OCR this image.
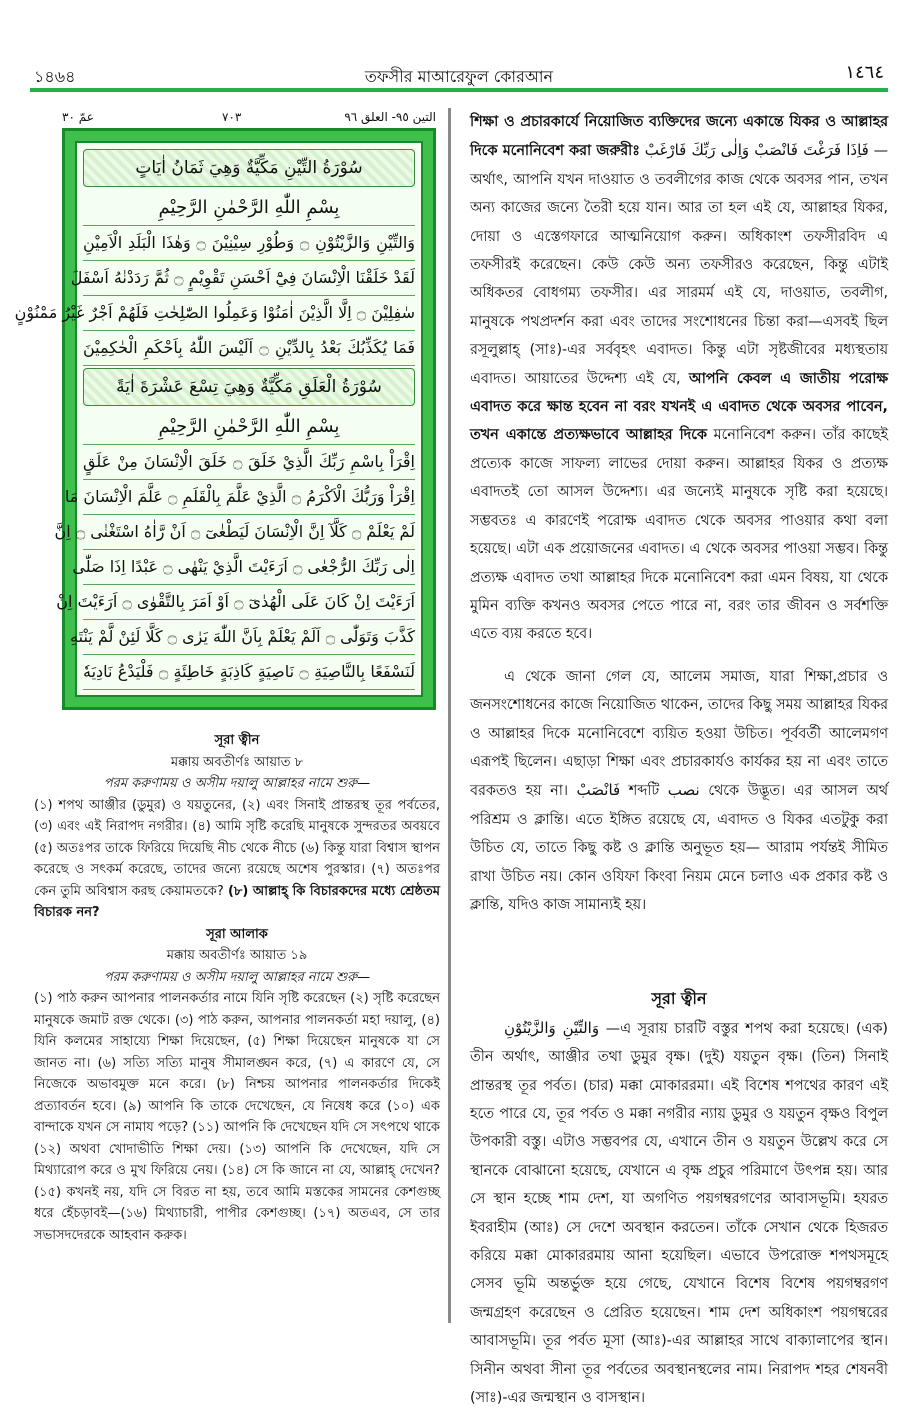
১৪৬৪	তফসীর মাআরেফুল কোরআন	١٤٦٤
التين ٩٥- العلق ٩٦
٧٠٣
عمّ ٣٠
سُوْرَةُ التِّيْنِ مَكِّيَّةٌ وَهِيَ ثَمَانُ اٰيَاتٍ
بِسْمِ اللّٰهِ الرَّحْمٰنِ الرَّحِيْمِ
وَالتِّيْنِ وَالزَّيْتُوْنِ ۝ وَطُوْرِ سِيْنِيْنَ ۝ وَهٰذَا الْبَلَدِ الْاَمِيْنِ
لَقَدْ خَلَقْنَا الْاِنْسَانَ فِيْٓ اَحْسَنِ تَقْوِيْمٍ ۝ ثُمَّ رَدَدْنٰهُ اَسْفَلَ
سٰفِلِيْنَ ۝ اِلَّا الَّذِيْنَ اٰمَنُوْا وَعَمِلُوا الصّٰلِحٰتِ فَلَهُمْ اَجْرٌ غَيْرُ مَمْنُوْنٍ
فَمَا يُكَذِّبُكَ بَعْدُ بِالدِّيْنِ ۝ اَلَيْسَ اللّٰهُ بِاَحْكَمِ الْحٰكِمِيْنَ
سُوْرَةُ الْعَلَقِ مَكِّيَّةٌ وَهِيَ تِسْعَ عَشْرَةَ اٰيَةً
بِسْمِ اللّٰهِ الرَّحْمٰنِ الرَّحِيْمِ
اِقْرَاْ بِاسْمِ رَبِّكَ الَّذِيْ خَلَقَ ۝ خَلَقَ الْاِنْسَانَ مِنْ عَلَقٍ
اِقْرَاْ وَرَبُّكَ الْاَكْرَمُ ۝ الَّذِيْ عَلَّمَ بِالْقَلَمِ ۝ عَلَّمَ الْاِنْسَانَ مَا
لَمْ يَعْلَمْ ۝ كَلَّآ اِنَّ الْاِنْسَانَ لَيَطْغٰىٓ ۝ اَنْ رَّاٰهُ اسْتَغْنٰى ۝ اِنَّ
اِلٰى رَبِّكَ الرُّجْعٰى ۝ اَرَءَيْتَ الَّذِيْ يَنْهٰى ۝ عَبْدًا اِذَا صَلّٰى
اَرَءَيْتَ اِنْ كَانَ عَلَى الْهُدٰىٓ ۝ اَوْ اَمَرَ بِالتَّقْوٰى ۝ اَرَءَيْتَ اِنْ
كَذَّبَ وَتَوَلّٰى ۝ اَلَمْ يَعْلَمْ بِاَنَّ اللّٰهَ يَرٰى ۝ كَلَّا لَئِنْ لَّمْ يَنْتَهِ
لَنَسْفَعًا بِالنَّاصِيَةِ ۝ نَاصِيَةٍ كَاذِبَةٍ خَاطِئَةٍ ۝ فَلْيَدْعُ نَادِيَهٗ
সূরা ত্বীন
মক্কায় অবতীর্ণঃ আয়াত ৮
পরম করুণাময় ও অসীম দয়ালু আল্লাহর নামে শুরু—

(১) শপথ আঞ্জীর (ডুমুর) ও যয়তুনের, (২) এবং সিনাই প্রান্তরস্থ তূর পর্বতের, (৩) এবং এই নিরাপদ নগরীর। (৪) আমি সৃষ্টি করেছি মানুষকে সুন্দরতর অবয়বে (৫) অতঃপর তাকে ফিরিয়ে দিয়েছি নীচ থেকে নীচে (৬) কিন্তু যারা বিশ্বাস স্থাপন করেছে ও সৎকর্ম করেছে, তাদের জন্যে রয়েছে অশেষ পুরস্কার। (৭) অতঃপর কেন তুমি অবিশ্বাস করছ কেয়ামতকে? (৮) আল্লাহ্ কি বিচারকদের মধ্যে শ্রেষ্ঠতম বিচারক নন?

সূরা আলাক
মক্কায় অবতীর্ণঃ আয়াত ১৯
পরম করুণাময় ও অসীম দয়ালু আল্লাহর নামে শুরু—

(১) পাঠ করুন আপনার পালনকর্তার নামে যিনি সৃষ্টি করেছেন (২) সৃষ্টি করেছেন মানুষকে জমাট রক্ত থেকে। (৩) পাঠ করুন, আপনার পালনকর্তা মহা দয়ালু, (৪) যিনি কলমের সাহায্যে শিক্ষা দিয়েছেন, (৫) শিক্ষা দিয়েছেন মানুষকে যা সে জানত না। (৬) সত্যি সত্যি মানুষ সীমালঙ্ঘন করে, (৭) এ কারণে যে, সে নিজেকে অভাবমুক্ত মনে করে। (৮) নিশ্চয় আপনার পালনকর্তার দিকেই প্রত্যাবর্তন হবে। (৯) আপনি কি তাকে দেখেছেন, যে নিষেধ করে (১০) এক বান্দাকে যখন সে নামায পড়ে? (১১) আপনি কি দেখেছেন যদি সে সৎপথে থাকে (১২) অথবা খোদাভীতি শিক্ষা দেয়। (১৩) আপনি কি দেখেছেন, যদি সে মিথ্যারোপ করে ও মুখ ফিরিয়ে নেয়। (১৪) সে কি জানে না যে, আল্লাহ্ দেখেন? (১৫) কখনই নয়, যদি সে বিরত না হয়, তবে আমি মস্তকের সামনের কেশগুচ্ছ ধরে হেঁচড়াবই—(১৬) মিথ্যাচারী, পাপীর কেশগুচ্ছ। (১৭) অতএব, সে তার সভাসদদেরকে আহবান করুক।

শিক্ষা ও প্রচারকার্যে নিয়োজিত ব্যক্তিদের জন্যে একান্তে যিকর ও আল্লাহর দিকে মনোনিবেশ করা জরুরীঃ فَاِذَا فَرَغْتَ فَانْصَبْ وَاِلٰى رَبِّكَ فَارْغَبْ —অর্থাৎ, আপনি যখন দাওয়াত ও তবলীগের কাজ থেকে অবসর পান, তখন অন্য কাজের জন্যে তৈরী হয়ে যান। আর তা হল এই যে, আল্লাহর যিকর, দোয়া ও এস্তেগফারে আত্মনিয়োগ করুন। অধিকাংশ তফসীরবিদ এ তফসীরই করেছেন। কেউ কেউ অন্য তফসীরও করেছেন, কিন্তু এটাই অধিকতর বোধগম্য তফসীর। এর সারমর্ম এই যে, দাওয়াত, তবলীগ, মানুষকে পথপ্রদর্শন করা এবং তাদের সংশোধনের চিন্তা করা—এসবই ছিল রসূলুল্লাহ্ (সাঃ)-এর সর্ববৃহৎ এবাদত। কিন্তু এটা সৃষ্টজীবের মধ্যস্থতায় এবাদত। আয়াতের উদ্দেশ্য এই যে, আপনি কেবল এ জাতীয় পরোক্ষ এবাদত করে ক্ষান্ত হবেন না বরং যখনই এ এবাদত থেকে অবসর পাবেন, তখন একান্তে প্রত্যক্ষভাবে আল্লাহর দিকে মনোনিবেশ করুন। তাঁর কাছেই প্রত্যেক কাজে সাফল্য লাভের দোয়া করুন। আল্লাহর যিকর ও প্রত্যক্ষ এবাদতই তো আসল উদ্দেশ্য। এর জন্যেই মানুষকে সৃষ্টি করা হয়েছে। সম্ভবতঃ এ কারণেই পরোক্ষ এবাদত থেকে অবসর পাওয়ার কথা বলা হয়েছে। এটা এক প্রয়োজনের এবাদত। এ থেকে অবসর পাওয়া সম্ভব। কিন্তু প্রত্যক্ষ এবাদত তথা আল্লাহর দিকে মনোনিবেশ করা এমন বিষয়, যা থেকে মুমিন ব্যক্তি কখনও অবসর পেতে পারে না, বরং তার জীবন ও সর্বশক্তি এতে ব্যয় করতে হবে।

এ থেকে জানা গেল যে, আলেম সমাজ, যারা শিক্ষা,প্রচার ও জনসংশোধনের কাজে নিয়োজিত থাকেন, তাদের কিছু সময় আল্লাহর যিকর ও আল্লাহর দিকে মনোনিবেশে ব্যয়িত হওয়া উচিত। পূর্ববর্তী আলেমগণ এরূপই ছিলেন। এছাড়া শিক্ষা এবং প্রচারকার্যও কার্যকর হয় না এবং তাতে বরকতও হয় না। فَانْصَبْ শব্দটি نصب থেকে উদ্ভূত। এর আসল অর্থ পরিশ্রম ও ক্লান্তি। এতে ইঙ্গিত রয়েছে যে, এবাদত ও যিকর এতটুকু করা উচিত যে, তাতে কিছু কষ্ট ও ক্লান্তি অনুভূত হয়— আরাম পর্যন্তই সীমিত রাখা উচিত নয়। কোন ওযিফা কিংবা নিয়ম মেনে চলাও এক প্রকার কষ্ট ও ক্লান্তি, যদিও কাজ সামান্যই হয়।

সূরা ত্বীন

وَالتِّيْنِ وَالزَّيْتُوْنِ —এ সূরায় চারটি বস্তুর শপথ করা হয়েছে। (এক) তীন অর্থাৎ, আঞ্জীর তথা ডুমুর বৃক্ষ। (দুই) যয়তুন বৃক্ষ। (তিন) সিনাই প্রান্তরস্থ তূর পর্বত। (চার) মক্কা মোকাররমা। এই বিশেষ শপথের কারণ এই হতে পারে যে, তূর পর্বত ও মক্কা নগরীর ন্যায় ডুমুর ও যয়তুন বৃক্ষও বিপুল উপকারী বস্তু। এটাও সম্ভবপর যে, এখানে তীন ও যয়তুন উল্লেখ করে সে স্থানকে বোঝানো হয়েছে, যেখানে এ বৃক্ষ প্রচুর পরিমাণে উৎপন্ন হয়। আর সে স্থান হচ্ছে শাম দেশ, যা অগণিত পয়গম্বরগণের আবাসভূমি। হযরত ইবরাহীম (আঃ) সে দেশে অবস্থান করতেন। তাঁকে সেখান থেকে হিজরত করিয়ে মক্কা মোকাররমায় আনা হয়েছিল। এভাবে উপরোক্ত শপথসমূহে সেসব ভূমি অন্তর্ভুক্ত হয়ে গেছে, যেখানে বিশেষ বিশেষ পয়গম্বরগণ জন্মগ্রহণ করেছেন ও প্রেরিত হয়েছেন। শাম দেশ অধিকাংশ পয়গম্বরের আবাসভূমি। তূর পর্বত মূসা (আঃ)-এর আল্লাহর সাথে বাক্যালাপের স্থান। সিনীন অথবা সীনা তূর পর্বতের অবস্থানস্থলের নাম। নিরাপদ শহর শেষনবী (সাঃ)-এর জন্মস্থান ও বাসস্থান।
